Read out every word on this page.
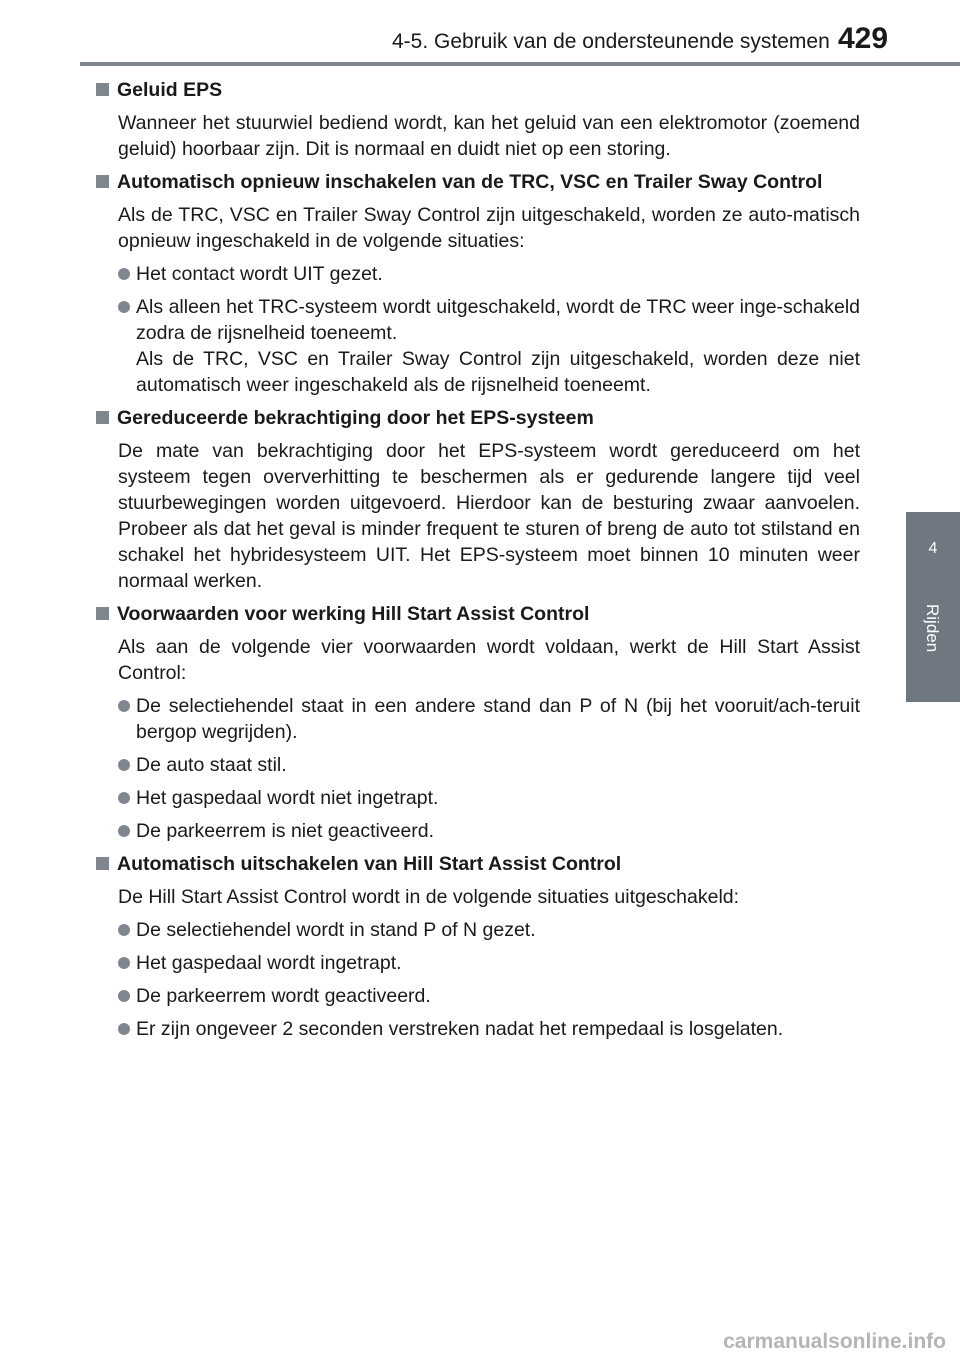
4-5. Gebruik van de ondersteunende systemen 429
4
Rijden
Geluid EPS
Wanneer het stuurwiel bediend wordt, kan het geluid van een elektromotor (zoemend geluid) hoorbaar zijn. Dit is normaal en duidt niet op een storing.
Automatisch opnieuw inschakelen van de TRC, VSC en Trailer Sway Control
Als de TRC, VSC en Trailer Sway Control zijn uitgeschakeld, worden ze auto-matisch opnieuw ingeschakeld in de volgende situaties:
Het contact wordt UIT gezet.
Als alleen het TRC-systeem wordt uitgeschakeld, wordt de TRC weer inge-schakeld zodra de rijsnelheid toeneemt.
Als de TRC, VSC en Trailer Sway Control zijn uitgeschakeld, worden deze niet automatisch weer ingeschakeld als de rijsnelheid toeneemt.
Gereduceerde bekrachtiging door het EPS-systeem
De mate van bekrachtiging door het EPS-systeem wordt gereduceerd om het systeem tegen oververhitting te beschermen als er gedurende langere tijd veel stuurbewegingen worden uitgevoerd. Hierdoor kan de besturing zwaar aanvoelen. Probeer als dat het geval is minder frequent te sturen of breng de auto tot stilstand en schakel het hybridesysteem UIT. Het EPS-systeem moet binnen 10 minuten weer normaal werken.
Voorwaarden voor werking Hill Start Assist Control
Als aan de volgende vier voorwaarden wordt voldaan, werkt de Hill Start Assist Control:
De selectiehendel staat in een andere stand dan P of N (bij het vooruit/ach-teruit bergop wegrijden).
De auto staat stil.
Het gaspedaal wordt niet ingetrapt.
De parkeerrem is niet geactiveerd.
Automatisch uitschakelen van Hill Start Assist Control
De Hill Start Assist Control wordt in de volgende situaties uitgeschakeld:
De selectiehendel wordt in stand P of N gezet.
Het gaspedaal wordt ingetrapt.
De parkeerrem wordt geactiveerd.
Er zijn ongeveer 2 seconden verstreken nadat het rempedaal is losgelaten.
carmanualsonline.info
